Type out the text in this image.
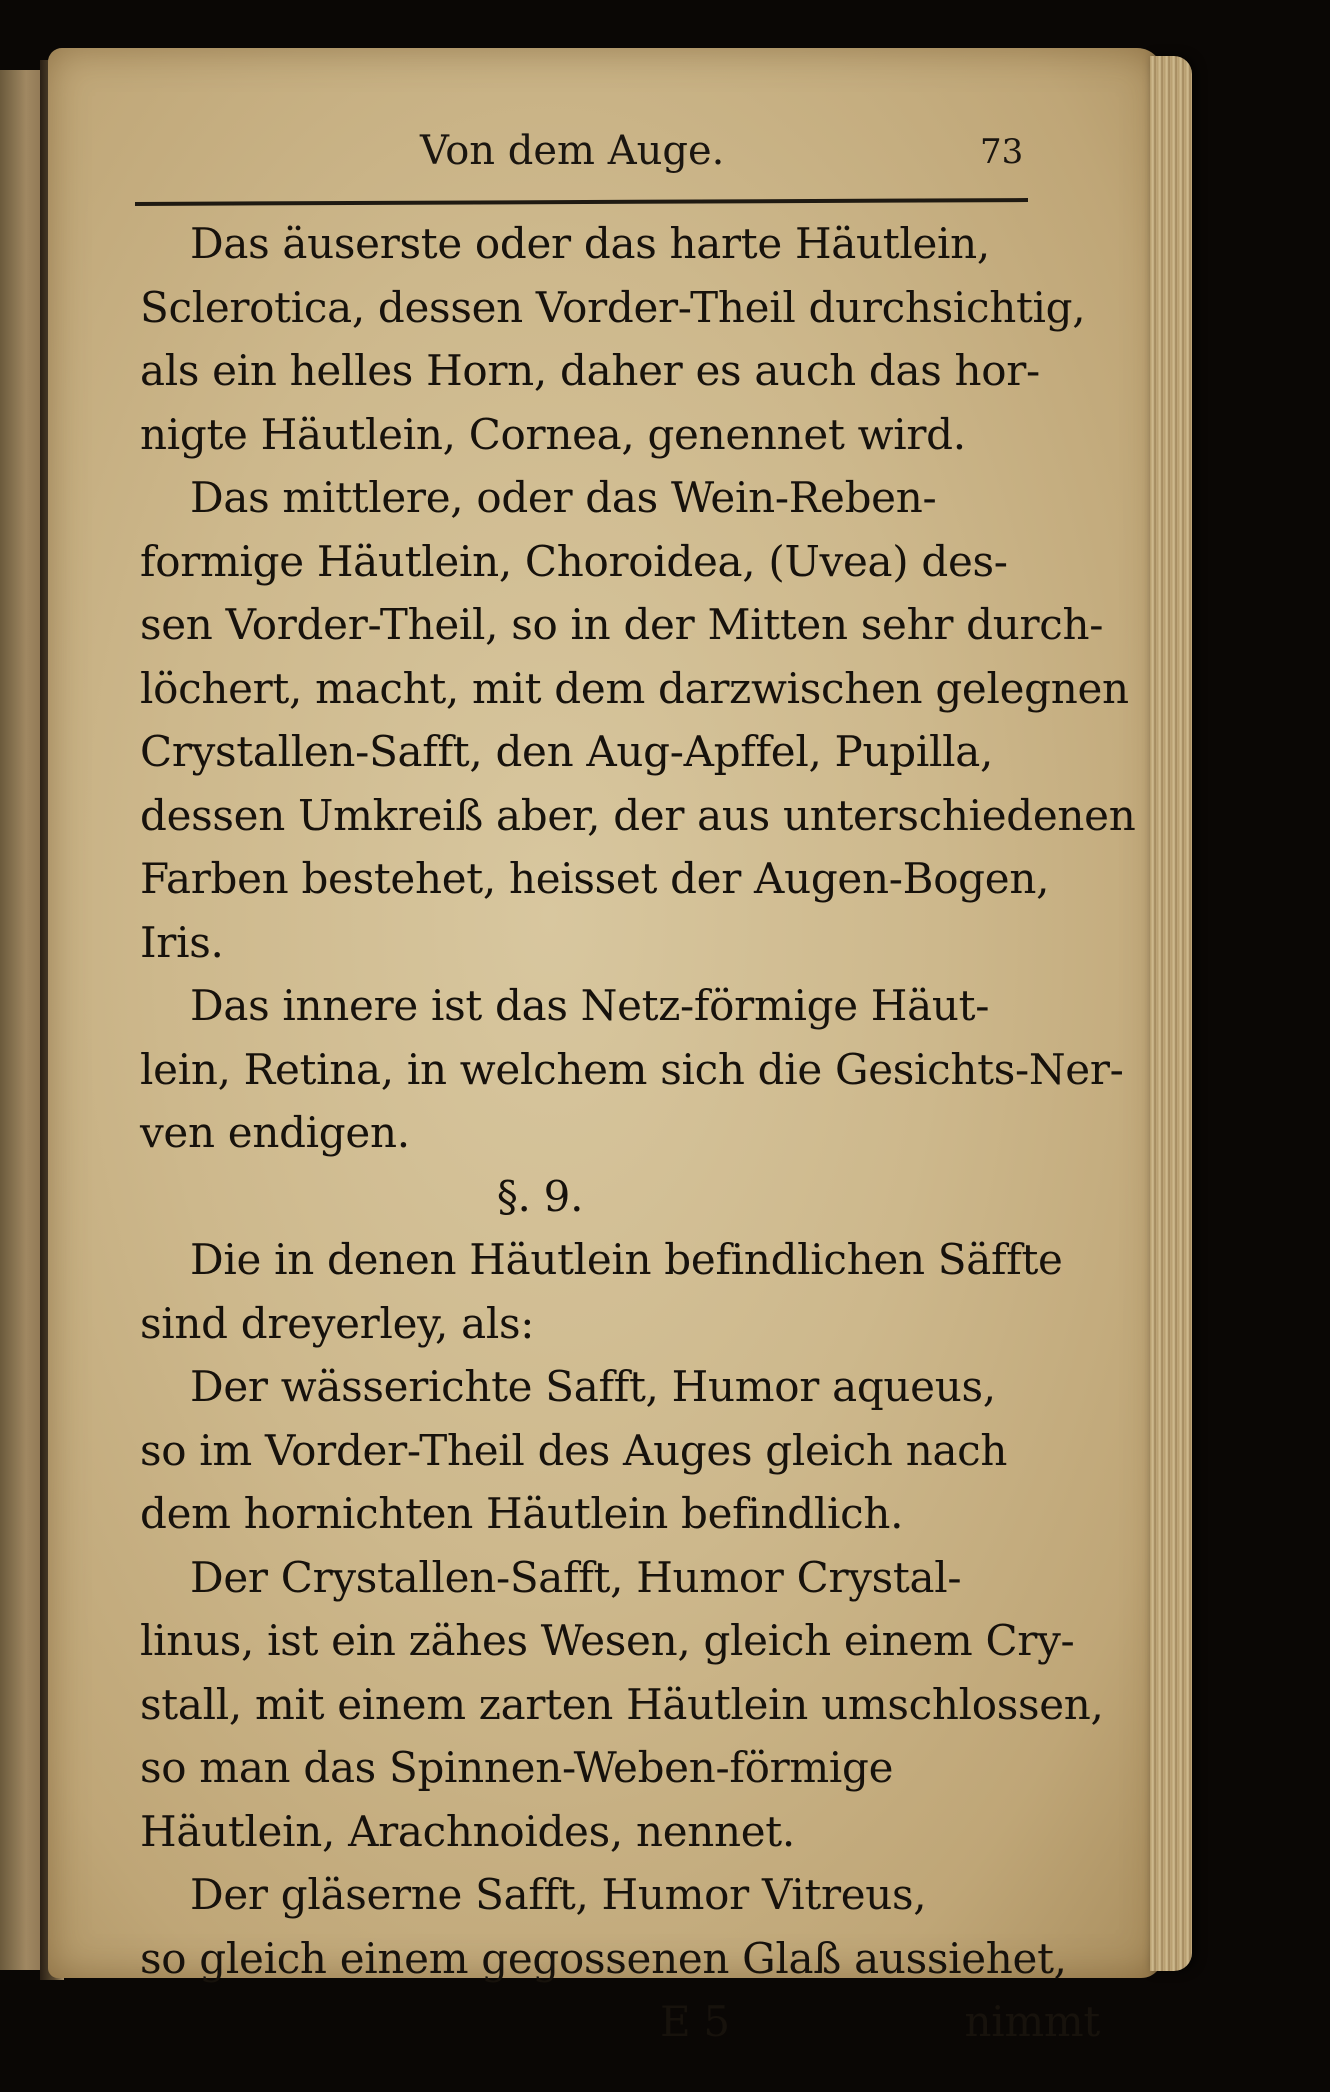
Von dem Auge.	73
Das äuserste oder das harte Häutlein,
Sclerotica, dessen Vorder-Theil durchsichtig,
als ein helles Horn, daher es auch das hor-
nigte Häutlein, Cornea, genennet wird.
Das mittlere, oder das Wein-Reben-
formige Häutlein, Choroidea, (Uvea) des-
sen Vorder-Theil, so in der Mitten sehr durch-
löchert, macht, mit dem darzwischen gelegnen
Crystallen-Safft, den Aug-Apffel, Pupilla,
dessen Umkreiß aber, der aus unterschiedenen
Farben bestehet, heisset der Augen-Bogen,
Iris.
Das innere ist das Netz-förmige Häut-
lein, Retina, in welchem sich die Gesichts-Ner-
ven endigen.
§. 9.
Die in denen Häutlein befindlichen Säffte
sind dreyerley, als:
Der wässerichte Safft, Humor aqueus,
so im Vorder-Theil des Auges gleich nach
dem hornichten Häutlein befindlich.
Der Crystallen-Safft, Humor Crystal-
linus, ist ein zähes Wesen, gleich einem Cry-
stall, mit einem zarten Häutlein umschlossen,
so man das Spinnen-Weben-förmige
Häutlein, Arachnoides, nennet.
Der gläserne Safft, Humor Vitreus,
so gleich einem gegossenen Glaß aussiehet,
E 5	nimmt
